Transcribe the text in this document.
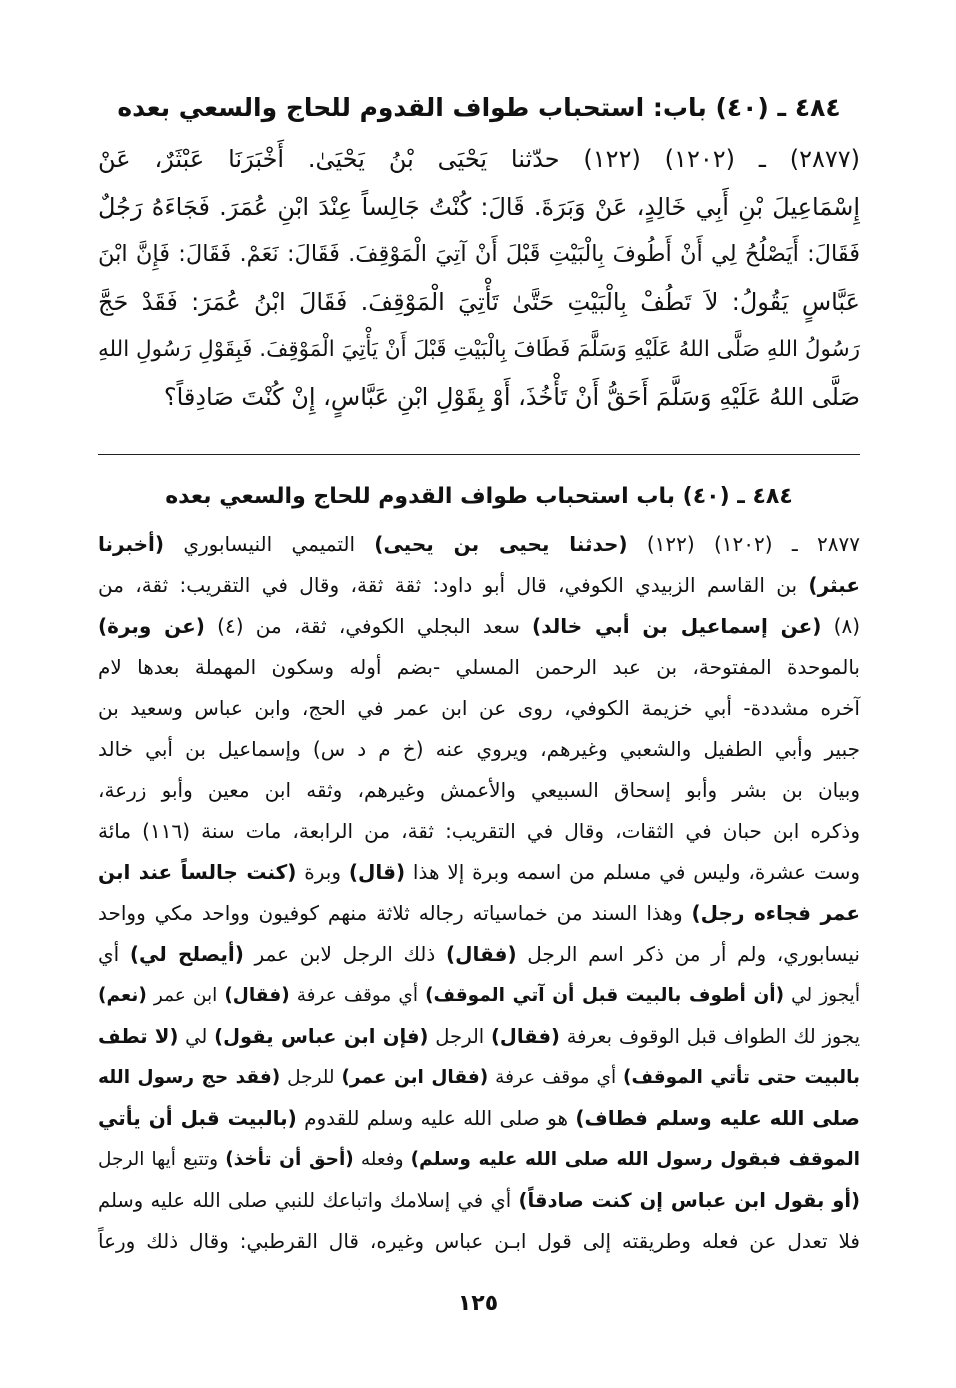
٤٨٤ ـ (٤٠) باب: استحباب طواف القدوم للحاج والسعي بعده
(٢٨٧٧) ـ (١٢٠٢) (١٢٢) حدّثنا يَحْيَى بْنُ يَحْيَىٰ. أَخْبَرَنَا عَبْثَرٌ، عَنْ
إِسْمَاعِيلَ بْنِ أَبِي خَالِدٍ، عَنْ وَبَرَةَ. قَالَ: كُنْتُ جَالِساً عِنْدَ ابْنِ عُمَرَ. فَجَاءَهُ رَجُلٌ
فَقَالَ: أَيَصْلُحُ لِي أَنْ أَطُوفَ بِالْبَيْتِ قَبْلَ أَنْ آتِيَ الْمَوْقِفَ. فَقَالَ: نَعَمْ. فَقَالَ: فَإِنَّ ابْنَ
عَبَّاسٍ يَقُولُ: لاَ تَطُفْ بِالْبَيْتِ حَتَّىٰ تَأْتِيَ الْمَوْقِفَ. فَقَالَ ابْنُ عُمَرَ: فَقَدْ حَجَّ
رَسُولُ اللهِ صَلَّى اللهُ عَلَيْهِ وَسَلَّمَ فَطَافَ بِالْبَيْتِ قَبْلَ أَنْ يَأْتِيَ الْمَوْقِفَ. فَبِقَوْلِ رَسُولِ اللهِ
صَلَّى اللهُ عَلَيْهِ وَسَلَّمَ أَحَقُّ أَنْ تَأْخُذَ، أَوْ بِقَوْلِ ابْنِ عَبَّاسٍ، إِنْ كُنْتَ صَادِقاً؟
٤٨٤ ـ (٤٠) باب استحباب طواف القدوم للحاج والسعي بعده
٢٨٧٧ ـ (١٢٠٢) (١٢٢) (حدثنا يحيى بن يحيى) التميمي النيسابوري (أخبرنا
عبثر) بن القاسم الزبيدي الكوفي، قال أبو داود: ثقة ثقة، وقال في التقريب: ثقة، من
(٨) (عن إسماعيل بن أبي خالد) سعد البجلي الكوفي، ثقة، من (٤) (عن وبرة)
بالموحدة المفتوحة، بن عبد الرحمن المسلي -بضم أوله وسكون المهملة بعدها لام
آخره مشددة- أبي خزيمة الكوفي، روى عن ابن عمر في الحج، وابن عباس وسعيد بن
جبير وأبي الطفيل والشعبي وغيرهم، ويروي عنه (خ م د س) وإسماعيل بن أبي خالد
وبيان بن بشر وأبو إسحاق السبيعي والأعمش وغيرهم، وثقه ابن معين وأبو زرعة،
وذكره ابن حبان في الثقات، وقال في التقريب: ثقة، من الرابعة، مات سنة (١١٦) مائة
وست عشرة، وليس في مسلم من اسمه وبرة إلا هذا (قال) وبرة (كنت جالساً عند ابن
عمر فجاءه رجل) وهذا السند من خماسياته رجاله ثلاثة منهم كوفيون وواحد مكي وواحد
نيسابوري، ولم أر من ذكر اسم الرجل (فقال) ذلك الرجل لابن عمر (أيصلح لي) أي
أيجوز لي (أن أطوف بالبيت قبل أن آتي الموقف) أي موقف عرفة (فقال) ابن عمر (نعم)
يجوز لك الطواف قبل الوقوف بعرفة (فقال) الرجل (فإن ابن عباس يقول) لي (لا تطف
بالبيت حتى تأتي الموقف) أي موقف عرفة (فقال ابن عمر) للرجل (فقد حج رسول الله
صلى الله عليه وسلم فطاف) هو صلى الله عليه وسلم للقدوم (بالبيت قبل أن يأتي
الموقف فبقول رسول الله صلى الله عليه وسلم) وفعله (أحق أن تأخذ) وتتبع أيها الرجل
(أو بقول ابن عباس إن كنت صادقاً) أي في إسلامك واتباعك للنبي صلى الله عليه وسلم
فلا تعدل عن فعله وطريقته إلى قول ابـن عباس وغيره، قال القرطبي: وقال ذلك ورعاً
١٢٥
